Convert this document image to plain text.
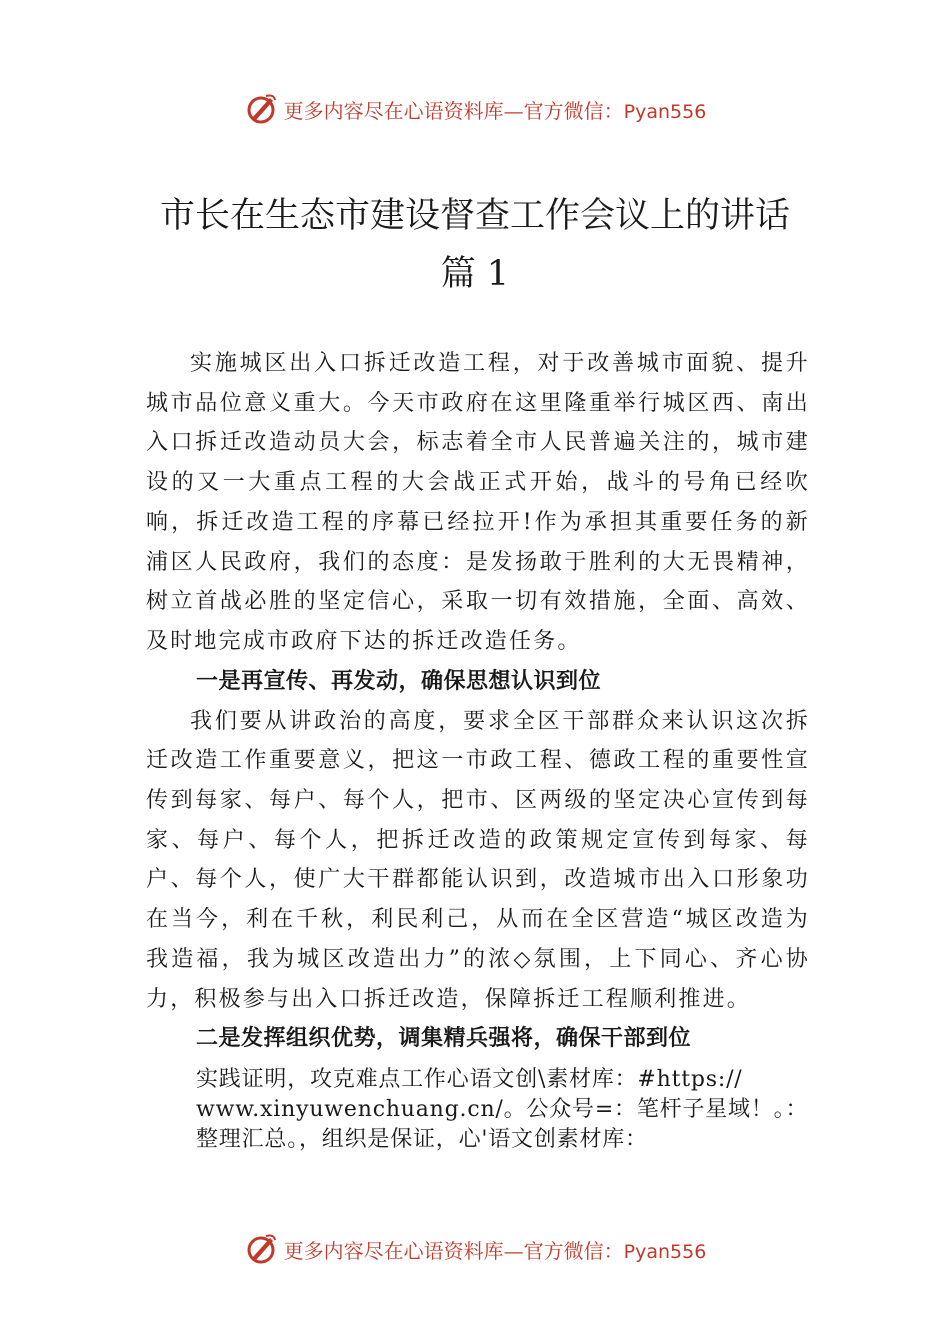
更多内容尽在心语资料库—官方微信：Pyan556
市长在生态市建设督查工作会议上的讲话
篇 1

实施城区出入口拆迁改造工程，对于改善城市面貌、提升城市品位意义重大。今天市政府在这里隆重举行城区西、南出入口拆迁改造动员大会，标志着全市人民普遍关注的，城市建设的又一大重点工程的大会战正式开始，战斗的号角已经吹响，拆迁改造工程的序幕已经拉开!作为承担其重要任务的新浦区人民政府，我们的态度：是发扬敢于胜利的大无畏精神，树立首战必胜的坚定信心，采取一切有效措施，全面、高效、及时地完成市政府下达的拆迁改造任务。

一是再宣传、再发动，确保思想认识到位

我们要从讲政治的高度，要求全区干部群众来认识这次拆迁改造工作重要意义，把这一市政工程、德政工程的重要性宣传到每家、每户、每个人，把市、区两级的坚定决心宣传到每家、每户、每个人，把拆迁改造的政策规定宣传到每家、每户、每个人，使广大干群都能认识到，改造城市出入口形象功在当今，利在千秋，利民利己，从而在全区营造“城区改造为我造福，我为城区改造出力”的浓◇氛围，上下同心、齐心协力，积极参与出入口拆迁改造，保障拆迁工程顺利推进。

二是发挥组织优势，调集精兵强将，确保干部到位

实践证明，攻克难点工作心语文创\素材库：#https://
www.xinyuwenchuang.cn/。公众号=：笔杆子星域！。：
整理汇总。，组织是保证，心'语文创素材库：

更多内容尽在心语资料库—官方微信：Pyan556
